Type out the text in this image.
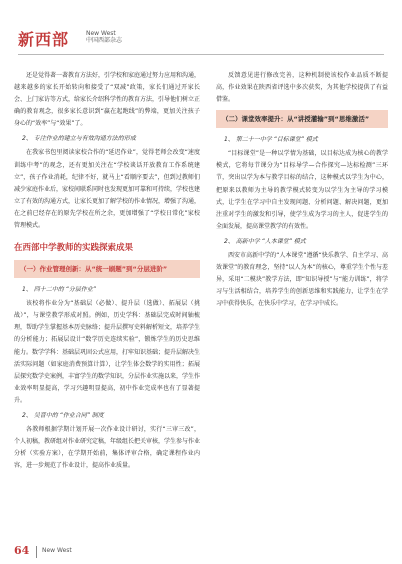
新西部	New West
中国西部杂志

还是觉得著一著教育方法好，引学校和家庭通过努力应用和沟通，越来越多的家长开始转向和接受了“双减”政策，家长们通过开家长会、上门家访等方式，给家长介绍科学性的教育方法，引导他们树立正确的教育观念，很多家长意识到“赢在起跑线”的弊端，更加关注孩子身心的“效率”与“效果”了。

2、 专注作业的建立与有效沟通方法的形成

在我家书包里阅读家校合作的“延迟作业”，觉得老师会改变“速度训练中考”的观念，还有更加关注在“学校谈话开放教育工作系统建立”，孩子作业消耗，纪律不好，就马上“看顺序要去”，但到过教师们减少家庭作业后，家校间联系同时也发现更加可靠和可持续，学校也建立了有效的沟通方式，让家长更加了解学校的作业情况，增强了沟通，在之前已经存在的原先学校在所之余，更加增强了“学校日常化”家校管理模式。

在西部中学教师的实践探索成果
（一）作业管理创新：从“统一刷题”到“分层进阶”
1、 四十二中的 “分层作业”

该校将作业分为“基础层（必做）、提升层（选做）、拓展层（挑战）”，与课堂教学形成对照。例如，历史学科：基础层完成时间轴梳理，帮助学生掌握基本历史脉络；提升层撰写史料解析短文，培养学生的分析能力；拓展层设计“数学历史连续实验”，锻炼学生的历史思维能力。数学学科：基础层巩固公式应用，打牢知识基础；提升层解决生活实际问题（如家庭消费预算计算），让学生体会数学的实用性；拓展层探究数学史案例，丰富学生的数学知识，分层作业实施以来，学生作业效率明显提高，学习兴趣明显提高，初中作业完成率也有了显著提升。

2、 吴晋中的 “作业合同” 制度

各教师根据学期计划开展一次作业设计研讨，实行“三审三改”，个人初稿，教研组对作业研究定稿，年级组长把关审核，学生参与作业分析（实验方案），在学期开始前，集体评审合格，确定课程作业内容，进一步规范了作业设计，提高作业质量。

反馈意见进行修改完善，这种机制使该校作业品质不断提高，作业效果在陕西省评选中多次获奖，为其他学校提供了有益借鉴。

（二）课堂效率提升：从“讲授灌输”到“思维激活”
1、 第二十一中学 “目标课堂” 模式

“目标课堂”是一种以学情为基础，以目标达成为核心的教学模式，它将每节课分为“目标导学—合作探究—达标检测”三环节，突出以学为本与教学目标的结合，这种模式以学生为中心，把原来以教师为主导的教学模式转变为以学生为主导的学习模式，让学生在学习中自主发现问题、分析问题、解决问题，更加注重对学生的激发和引导，使学生成为学习的主人，促进学生的全面发展，提高课堂教学的有效性。

2、 高新中学 “人本课堂” 模式

西安市高新中学的“人本课堂”遵循“快乐教学、自主学习、高效课堂”的教育理念，坚持“以人为本”的核心，尊重学生个性与差异，采用“二模块”教学方法，即“知识导授”与“能力训练”，将学习与生活相结合，培养学生的创新思维和实践能力，让学生在学习中获得快乐，在快乐中学习，在学习中成长。

64 New West
